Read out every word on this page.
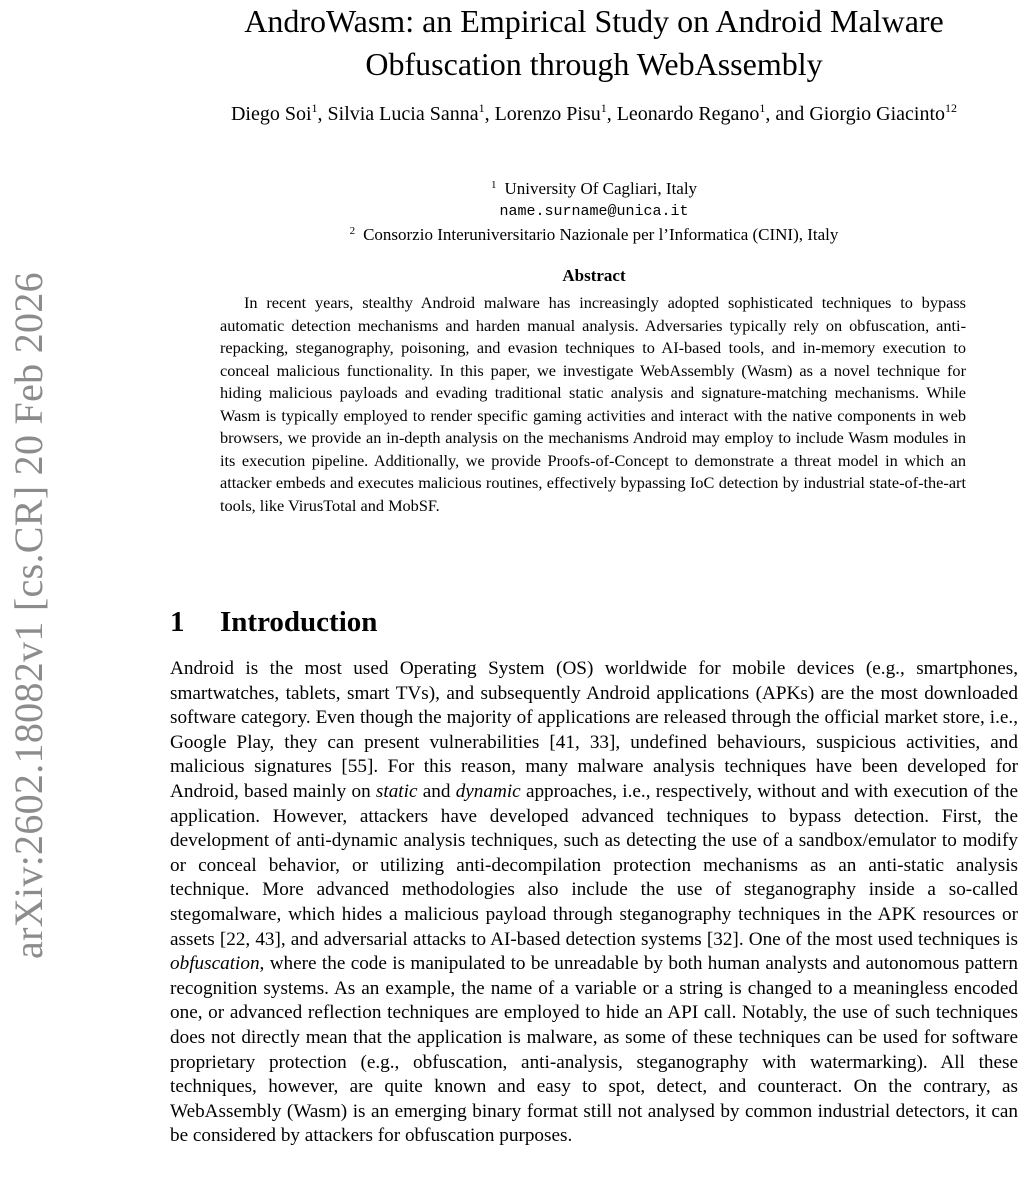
arXiv:2602.18082v1 [cs.CR] 20 Feb 2026
AndroWasm: an Empirical Study on Android Malware Obfuscation through WebAssembly

Diego Soi$^1$, Silvia Lucia Sanna$^1$, Lorenzo Pisu$^1$, Leonardo Regano$^1$, and Giorgio Giacinto$^{12}$

$^1$ University Of Cagliari, Italy
name.surname@unica.it
$^2$ Consorzio Interuniversitario Nazionale per l’Informatica (CINI), Italy
Abstract

In recent years, stealthy Android malware has increasingly adopted sophisticated techniques to bypass automatic detection mechanisms and harden manual analysis. Adversaries typically rely on obfuscation, anti-repacking, steganography, poisoning, and evasion techniques to AI-based tools, and in-memory execution to conceal malicious functionality. In this paper, we investigate WebAssembly (Wasm) as a novel technique for hiding malicious payloads and evading traditional static analysis and signature-matching mechanisms. While Wasm is typically employed to render specific gaming activities and interact with the native components in web browsers, we provide an in-depth analysis on the mechanisms Android may employ to include Wasm modules in its execution pipeline. Additionally, we provide Proofs-of-Concept to demonstrate a threat model in which an attacker embeds and executes malicious routines, effectively bypassing IoC detection by industrial state-of-the-art tools, like VirusTotal and MobSF.

1 Introduction

Android is the most used Operating System (OS) worldwide for mobile devices (e.g., smartphones, smartwatches, tablets, smart TVs), and subsequently Android applications (APKs) are the most downloaded software category. Even though the majority of applications are released through the official market store, i.e., Google Play, they can present vulnerabilities [41, 33], undefined behaviours, suspicious activities, and malicious signatures [55]. For this reason, many malware analysis techniques have been developed for Android, based mainly on static and dynamic approaches, i.e., respectively, without and with execution of the application. However, attackers have developed advanced techniques to bypass detection. First, the development of anti-dynamic analysis techniques, such as detecting the use of a sandbox/emulator to modify or conceal behavior, or utilizing anti-decompilation protection mechanisms as an anti-static analysis technique. More advanced methodologies also include the use of steganography inside a so-called stegomalware, which hides a malicious payload through steganography techniques in the APK resources or assets [22, 43], and adversarial attacks to AI-based detection systems [32]. One of the most used techniques is obfuscation, where the code is manipulated to be unreadable by both human analysts and autonomous pattern recognition systems. As an example, the name of a variable or a string is changed to a meaningless encoded one, or advanced reflection techniques are employed to hide an API call. Notably, the use of such techniques does not directly mean that the application is malware, as some of these techniques can be used for software proprietary protection (e.g., obfuscation, anti-analysis, steganography with watermarking). All these techniques, however, are quite known and easy to spot, detect, and counteract. On the contrary, as WebAssembly (Wasm) is an emerging binary format still not analysed by common industrial detectors, it can be considered by attackers for obfuscation purposes.
